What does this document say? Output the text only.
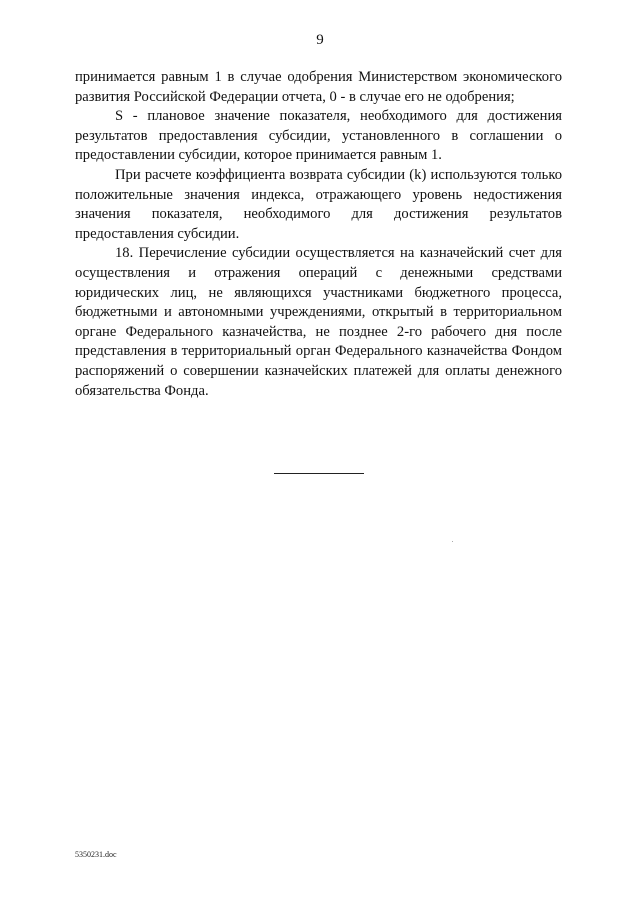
9

принимается равным 1 в случае одобрения Министерством экономического развития Российской Федерации отчета, 0 - в случае его не одобрения;

S - плановое значение показателя, необходимого для достижения результатов предоставления субсидии, установленного в соглашении о предоставлении субсидии, которое принимается равным 1.

При расчете коэффициента возврата субсидии (k) используются только положительные значения индекса, отражающего уровень недостижения значения показателя, необходимого для достижения результатов предоставления субсидии.

18. Перечисление субсидии осуществляется на казначейский счет для осуществления и отражения операций с денежными средствами юридических лиц, не являющихся участниками бюджетного процесса, бюджетными и автономными учреждениями, открытый в территориальном органе Федерального казначейства, не позднее 2-го рабочего дня после представления в территориальный орган Федерального казначейства Фондом распоряжений о совершении казначейских платежей для оплаты денежного обязательства Фонда.

5350231.doc
